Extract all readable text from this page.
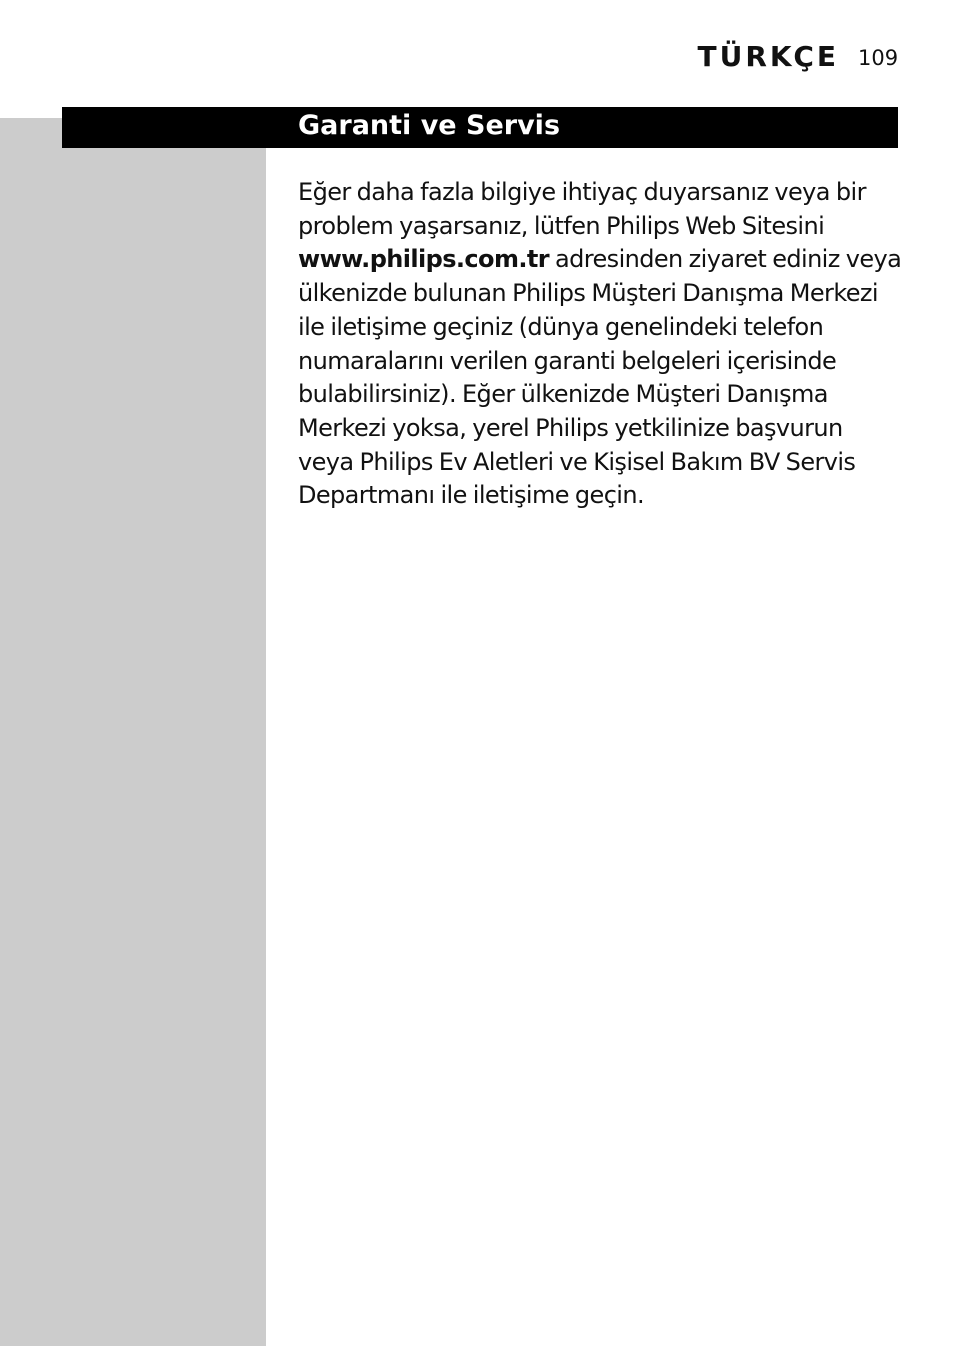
TÜRKÇE 109
Garanti ve Servis
Eğer daha fazla bilgiye ihtiyaç duyarsanız veya bir problem yaşarsanız, lütfen Philips Web Sitesini www.philips.com.tr adresinden ziyaret ediniz veya ülkenizde bulunan Philips Müşteri Danışma Merkezi ile iletişime geçiniz (dünya genelindeki telefon numaralarını verilen garanti belgeleri içerisinde bulabilirsiniz). Eğer ülkenizde Müşteri Danışma Merkezi yoksa, yerel Philips yetkilinize başvurun veya Philips Ev Aletleri ve Kişisel Bakım BV Servis Departmanı ile iletişime geçin.
